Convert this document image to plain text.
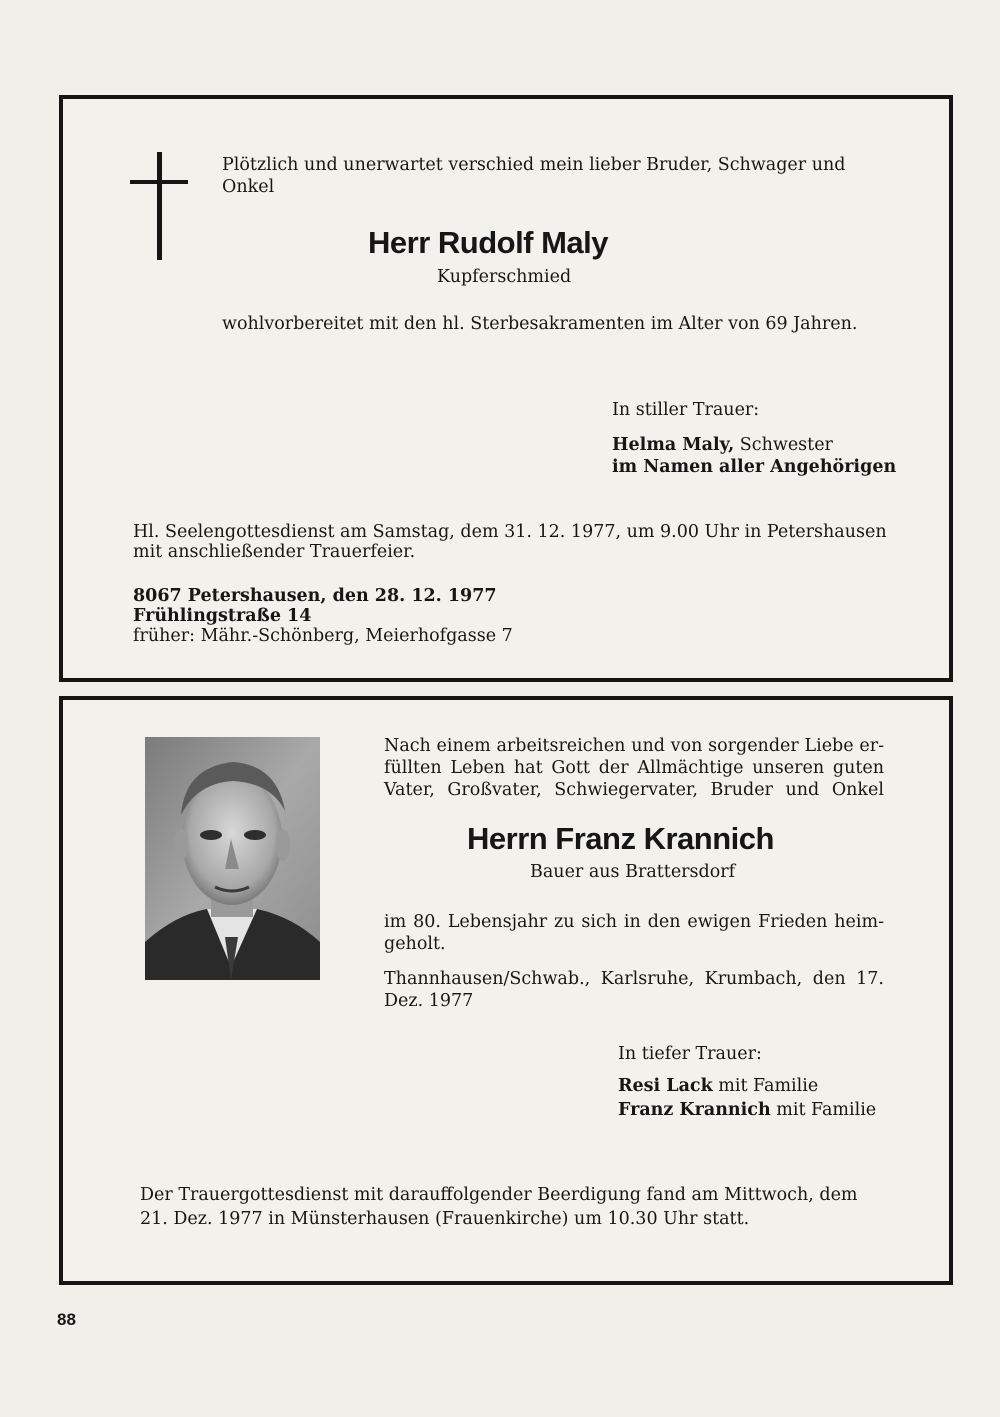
Plötzlich und unerwartet verschied mein lieber Bruder, Schwager und
Onkel
Herr Rudolf Maly
Kupferschmied
wohlvorbereitet mit den hl. Sterbesakramenten im Alter von 69 Jahren.
In stiller Trauer:
Helma Maly, Schwester
im Namen aller Angehörigen
Hl. Seelengottesdienst am Samstag, dem 31. 12. 1977, um 9.00 Uhr in Petershausen
mit anschließender Trauerfeier.
8067 Petershausen, den 28. 12. 1977
Frühlingstraße 14
früher: Mähr.-Schönberg, Meierhofgasse 7
Nach einem arbeitsreichen und von sorgender Liebe er-
füllten Leben hat Gott der Allmächtige unseren guten
Vater, Großvater, Schwiegervater, Bruder und Onkel
Herrn Franz Krannich
Bauer aus Brattersdorf
im 80. Lebensjahr zu sich in den ewigen Frieden heim-
geholt.
Thannhausen/Schwab., Karlsruhe, Krumbach, den 17.
Dez. 1977
In tiefer Trauer:
Resi Lack mit Familie
Franz Krannich mit Familie
Der Trauergottesdienst mit darauffolgender Beerdigung fand am Mittwoch, dem
21. Dez. 1977 in Münsterhausen (Frauenkirche) um 10.30 Uhr statt.
88
